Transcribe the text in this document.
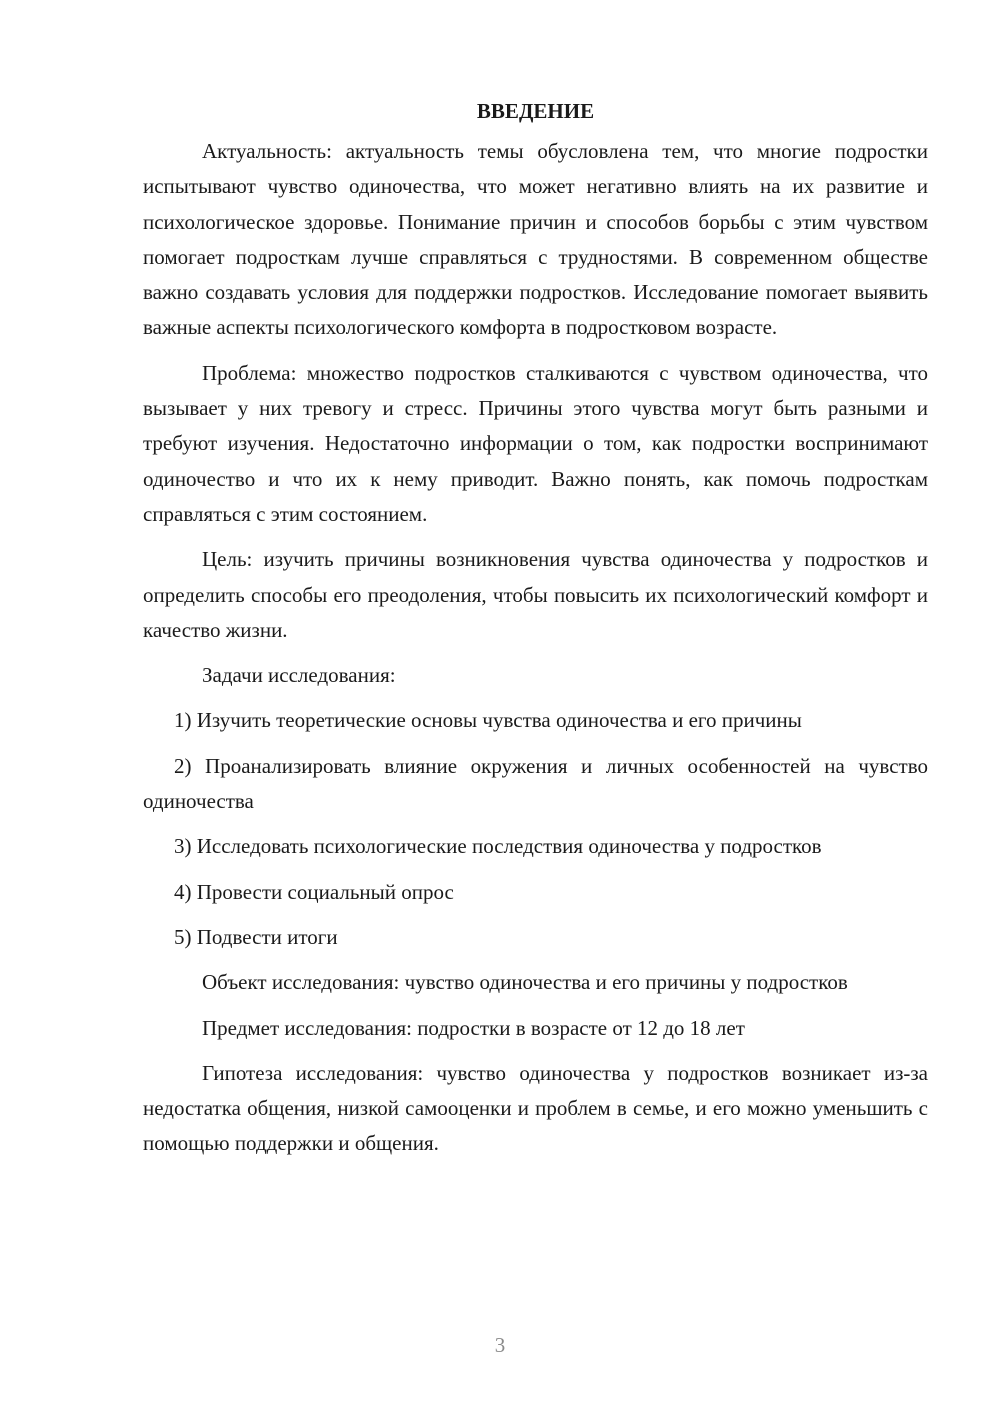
ВВЕДЕНИЕ

Актуальность: актуальность темы обусловлена тем, что многие подростки испытывают чувство одиночества, что может негативно влиять на их развитие и психологическое здоровье. Понимание причин и способов борьбы с этим чувством помогает подросткам лучше справляться с трудностями. В современном обществе важно создавать условия для поддержки подростков. Исследование помогает выявить важные аспекты психологического комфорта в подростковом возрасте.

Проблема: множество подростков сталкиваются с чувством одиночества, что вызывает у них тревогу и стресс. Причины этого чувства могут быть разными и требуют изучения. Недостаточно информации о том, как подростки воспринимают одиночество и что их к нему приводит. Важно понять, как помочь подросткам справляться с этим состоянием.

Цель: изучить причины возникновения чувства одиночества у подростков и определить способы его преодоления, чтобы повысить их психологический комфорт и качество жизни.

Задачи исследования:

1) Изучить теоретические основы чувства одиночества и его причины

2) Проанализировать влияние окружения и личных особенностей на чувство одиночества

3) Исследовать психологические последствия одиночества у подростков

4) Провести социальный опрос

5) Подвести итоги

Объект исследования: чувство одиночества и его причины у подростков

Предмет исследования: подростки в возрасте от 12 до 18 лет

Гипотеза исследования: чувство одиночества у подростков возникает из-за недостатка общения, низкой самооценки и проблем в семье, и его можно уменьшить с помощью поддержки и общения.

3
